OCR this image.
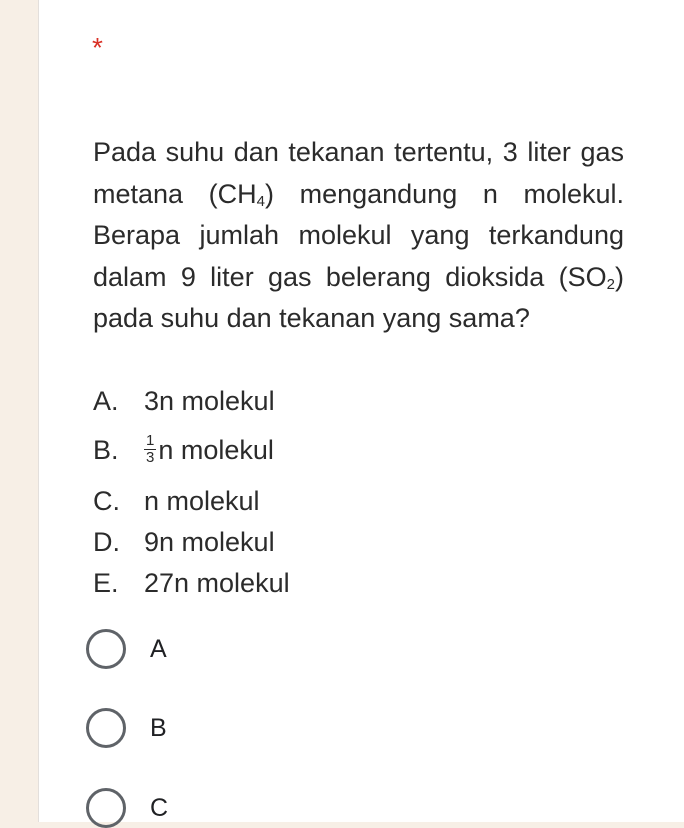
*
Pada suhu dan tekanan tertentu, 3 liter gas metana $(CH_4)$ mengandung n molekul. Berapa jumlah molekul yang terkandung dalam 9 liter gas belerang dioksida $(SO_2)$ pada suhu dan tekanan yang sama?
A. 3n molekul
B. $\frac{1}{3}$ n molekul
C. n molekul
D. 9n molekul
E. 27n molekul
A
B
C
